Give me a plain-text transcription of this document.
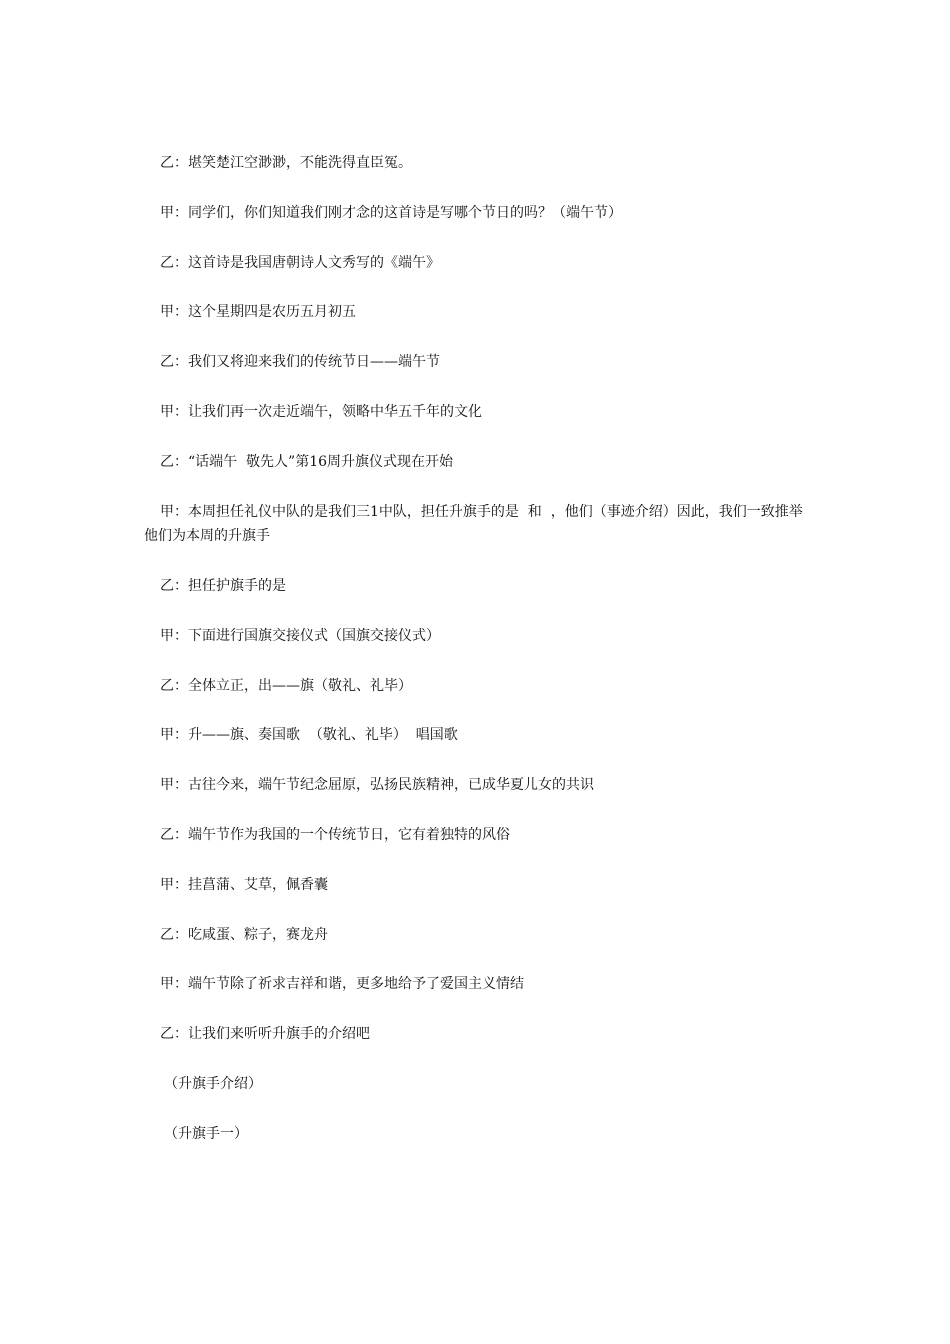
乙：堪笑楚江空渺渺，不能洗得直臣冤。
甲：同学们，你们知道我们刚才念的这首诗是写哪个节日的吗？（端午节）
乙：这首诗是我国唐朝诗人文秀写的《端午》
甲：这个星期四是农历五月初五
乙：我们又将迎来我们的传统节日——端午节
甲：让我们再一次走近端午，领略中华五千年的文化
乙：“话端午  敬先人”第16周升旗仪式现在开始
甲：本周担任礼仪中队的是我们三1中队，担任升旗手的是  和  ，他们（事迹介绍）因此，我们一致推举他们为本周的升旗手
乙：担任护旗手的是
甲：下面进行国旗交接仪式（国旗交接仪式）
乙：全体立正，出——旗（敬礼、礼毕）
甲：升——旗、奏国歌  （敬礼、礼毕）  唱国歌
甲：古往今来，端午节纪念屈原，弘扬民族精神，已成华夏儿女的共识
乙：端午节作为我国的一个传统节日，它有着独特的风俗
甲：挂菖蒲、艾草，佩香囊
乙：吃咸蛋、粽子，赛龙舟
甲：端午节除了祈求吉祥和谐，更多地给予了爱国主义情结
乙：让我们来听听升旗手的介绍吧
（升旗手介绍）
（升旗手一）
